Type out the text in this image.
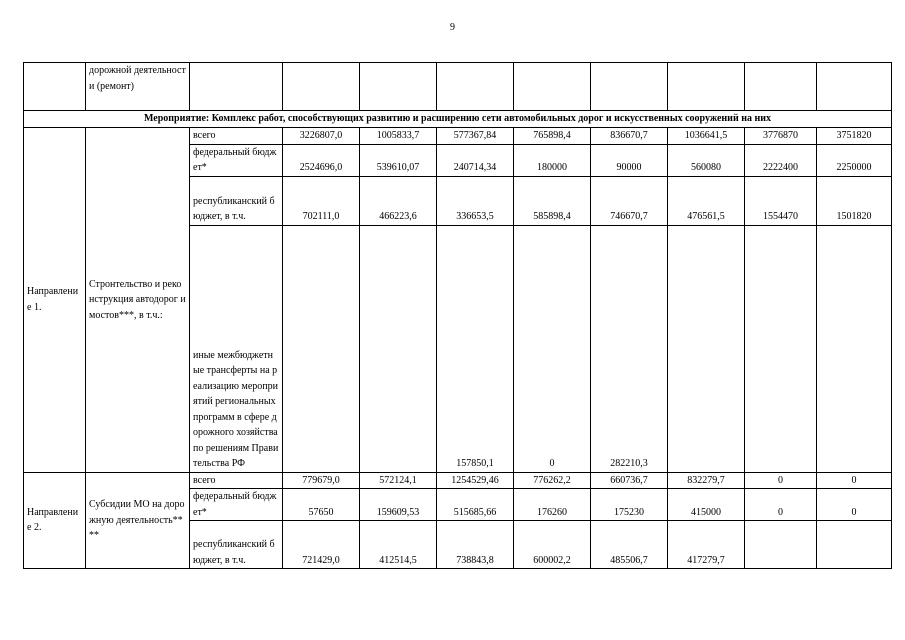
9

	дорожной деятельности (ремонт)									

Мероприятие: Комплекс работ, способствующих развитию и расширению сети автомобильных дорог и искусственных сооружений на них										

Направление 1.	Стронтельство и реконструкция автодорог и мостов***, в т.ч.:	всего	3226807,0	1005833,7	577367,84	765898,4	836670,7	1036641,5	3776870	3751820

		федеральный бюджет*	2524696,0	539610,07	240714,34	180000	90000	560080	2222400	2250000

		республиканский бюджет, в т.ч.	702111,0	466223,6	336653,5	585898,4	746670,7	476561,5	1554470	1501820

		иные межбюджетные трансферты на реализацию мероприятий региональных программ в сфере дорожного хозяйства по решениям Правительства РФ			157850,1	0	282210,3			

Направление 2.	Субсидии МО на дорожную деятельность****	всего	779679,0	572124,1	1254529,46	776262,2	660736,7	832279,7	0	0

		федеральный бюджет*	57650	159609,53	515685,66	176260	175230	415000	0	0

		республиканский бюджет, в т.ч.	721429,0	412514,5	738843,8	600002,2	485506,7	417279,7		
